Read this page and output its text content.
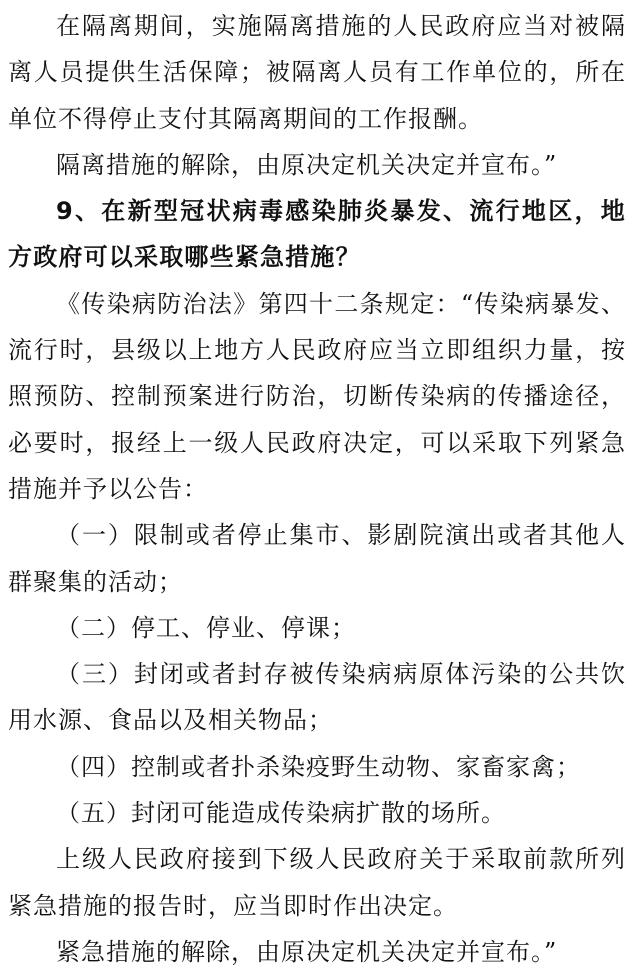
在隔离期间，实施隔离措施的人民政府应当对被隔离人员提供生活保障；被隔离人员有工作单位的，所在单位不得停止支付其隔离期间的工作报酬。

隔离措施的解除，由原决定机关决定并宣布。”

9、在新型冠状病毒感染肺炎暴发、流行地区，地方政府可以采取哪些紧急措施？

《传染病防治法》第四十二条规定：“传染病暴发、流行时，县级以上地方人民政府应当立即组织力量，按照预防、控制预案进行防治，切断传染病的传播途径，必要时，报经上一级人民政府决定，可以采取下列紧急措施并予以公告：

（一）限制或者停止集市、影剧院演出或者其他人群聚集的活动；

（二）停工、停业、停课；

（三）封闭或者封存被传染病病原体污染的公共饮用水源、食品以及相关物品；

（四）控制或者扑杀染疫野生动物、家畜家禽；

（五）封闭可能造成传染病扩散的场所。

上级人民政府接到下级人民政府关于采取前款所列紧急措施的报告时，应当即时作出决定。

紧急措施的解除，由原决定机关决定并宣布。”
